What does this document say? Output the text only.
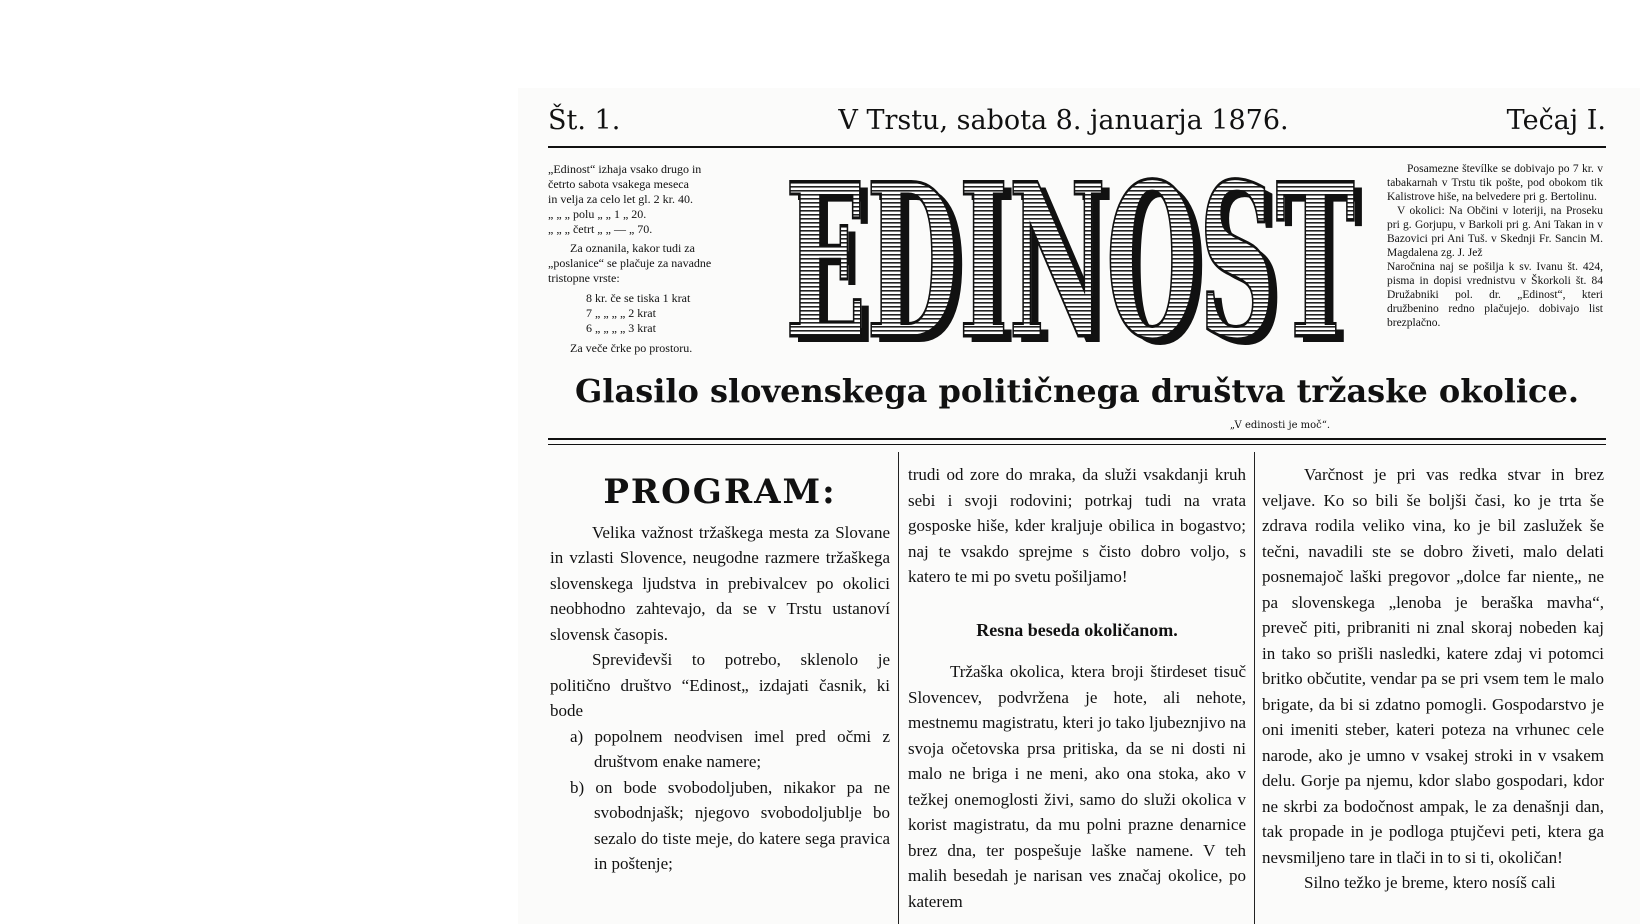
Št. 1.	V Trstu, sabota 8. januarja 1876.	Tečaj I.

„Edinost“ izhaja vsako drugo in

četrto sabota vsakega meseca

in velja za celo let gl. 2 kr. 40.

„ „ „ polu „ „ 1 „ 20.

„ „ „ četrt „ „ — „ 70.

Za oznanila, kakor tudi za

„poslanice“ se plačuje za navadne

tristopne vrste:

8 kr. če se tiska 1 krat

7 „ „ „ „ 2 krat

6 „ „ „ „ 3 krat

Za veče črke po prostoru. EDINOST
EDINOST	Posamezne števílke se dobivajo po 7 kr. v tabakarnah v Trstu tik pošte, pod obokom tik Kalistrove hiše, na belvedere pri g. Bertolinu.

V okolici: Na Občini v loteriji, na Proseku pri g. Gorjupu, v Barkoli pri g. Ani Takan in v Bazovici pri Ani Tuš. v Skednji Fr. Sancin M. Magdalena zg. J. Jež

Naročnina naj se pošilja k sv. Ivanu št. 424, pisma in dopisi vrednistvu v Škorkoli št. 84 Družabniki pol. dr. „Edinost“, kteri družbenino redno plačujejo. dobivajo list brezplačno.

Glasilo slovenskega političnega društva tržaske okolice.
„V edinosti je moč“.

PROGRAM:

Velika važnost tržaškega mesta za Slovane in vzlasti Slovence, neugodne razmere tržaškega slovenskega ljudstva in prebivalcev po okolici neobhodno zahtevajo, da se v Trstu ustanoví slovensk časopis.

Spreviđevši to potrebo, sklenolo je politično društvo “Edinost„ izdajati časnik, ki bode

a) popolnem neodvisen imel pred očmi z društvom enake namere;

b) on bode svobodoljuben, nikakor pa ne svobodnjašk; njegovo svobodoljublje bo sezalo do tiste meje, do katere sega pravica in poštenje;

trudi od zore do mraka, da služi vsakdanji kruh sebi i svoji rodovini; potrkaj tudi na vrata gosposke hiše, kder kraljuje obilica in bogastvo; naj te vsakdo sprejme s čisto dobro voljo, s katero te mi po svetu pošiljamo!

Resna beseda okoličanom.

Tržaška okolica, ktera broji štirdeset tisuč Slovencev, podvržena je hote, ali nehote, mestnemu magistratu, kteri jo tako ljubeznjivo na svoja očetovska prsa pritiska, da se ni dosti ni malo ne briga i ne meni, ako ona stoka, ako v težkej onemoglosti živi, samo do služi okolica v korist magistratu, da mu polni prazne denarnice brez dna, ter pospešuje laške namene. V teh malih besedah je narisan ves značaj okolice, po katerem

Varčnost je pri vas redka stvar in brez veljave. Ko so bili še boljši časi, ko je trta še zdrava rodila veliko vina, ko je bil zaslužek še tečni, navadili ste se dobro živeti, malo delati posnemajoč laški pregovor „dolce far niente„ ne pa slovenskega „lenoba je beraška mavha“, preveč piti, pribraniti ni znal skoraj nobeden kaj in tako so prišli nasledki, katere zdaj vi potomci britko občutite, vendar pa se pri vsem tem le malo brigate, da bi si zdatno pomogli. Gospodarstvo je oni imeniti steber, kateri poteza na vrhunec cele narode, ako je umno v vsakej stroki in v vsakem delu. Gorje pa njemu, kdor slabo gospodari, kdor ne skrbi za bodočnost ampak, le za denašnji dan, tak propade in je podloga ptujčevi peti, ktera ga nevsmiljeno tare in tlači in to si ti, okoličan!

Silno težko je breme, ktero nosíš cali
